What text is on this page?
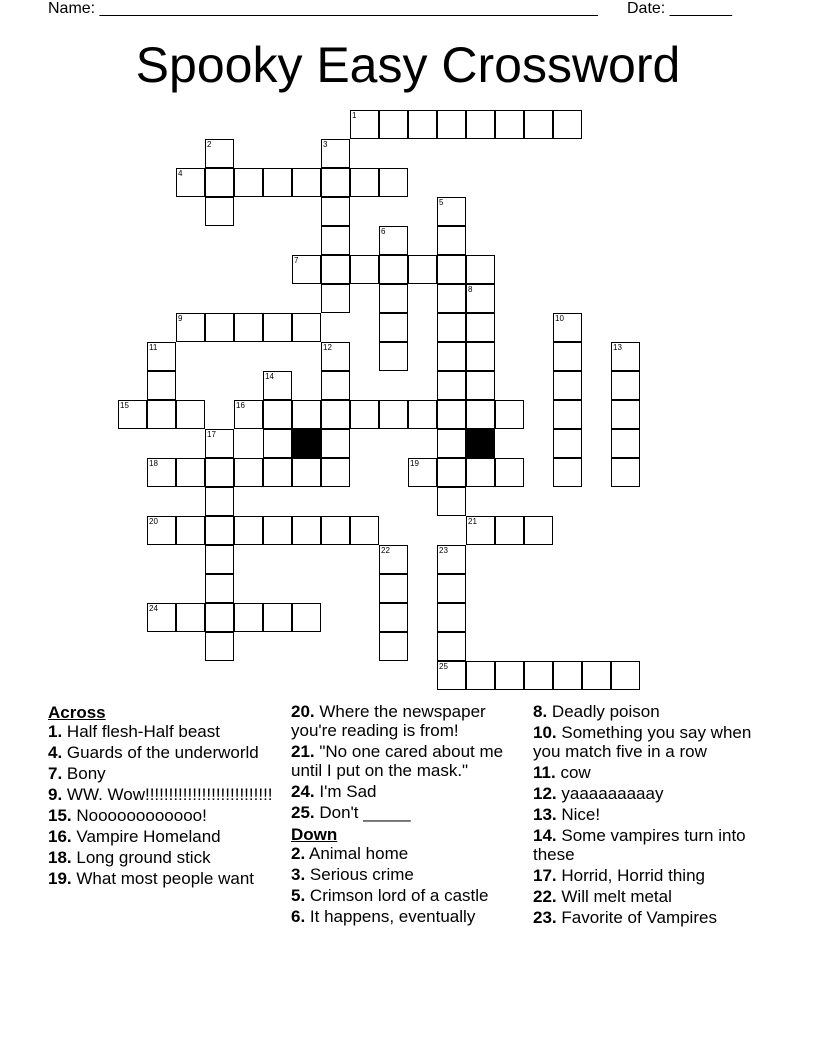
Name: ________________________________________________________ Date: _______
Spooky Easy Crossword
1
2	3
4
5
6
7
8
9	10
11	12	13
14
15	16
17
18	19
20	21
22	23
24
25

Across

1. Half flesh-Half beast

4. Guards of the underworld

7. Bony

9. WW. Wow!!!!!!!!!!!!!!!!!!!!!!!!!!!

15. Noooooooooooo!

16. Vampire Homeland

18. Long ground stick

19. What most people want

20. Where the newspaper you're reading is from!

21. "No one cared about me until I put on the mask."

24. I'm Sad

25. Don't _____

Down

2. Animal home

3. Serious crime

5. Crimson lord of a castle

6. It happens, eventually

8. Deadly poison

10. Something you say when you match five in a row

11. cow

12. yaaaaaaaaay

13. Nice!

14. Some vampires turn into these

17. Horrid, Horrid thing

22. Will melt metal

23. Favorite of Vampires
